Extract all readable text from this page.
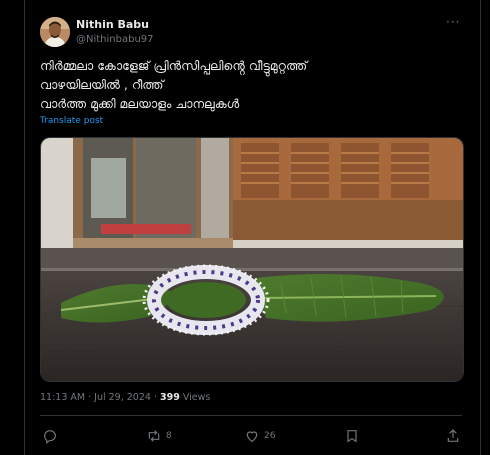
Nithin Babu
@Nithinbabu97
···
നിർമ്മലാ കോളേജ് പ്രിൻസിപ്പലിൻ്റെ വീട്ടുമുറ്റത്ത്
വാഴയിലയിൽ , റീത്ത്
വാർത്ത മുക്കി മലയാളം ചാനലുകൾ
Translate post
11:13 AM · Jul 29, 2024 · 399 Views
8	26
